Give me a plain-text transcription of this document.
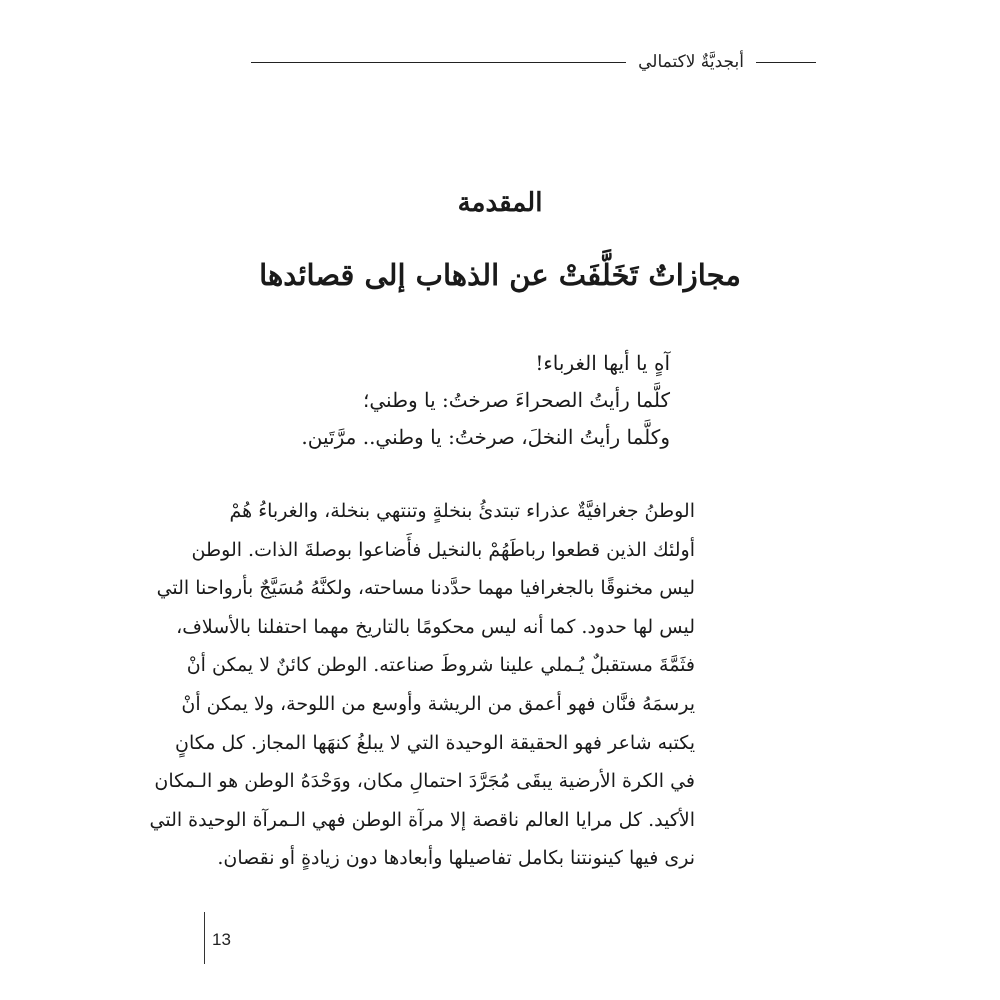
أبجديَّةٌ لاكتمالي
المقدمة
مجازاتٌ تَخَلَّفَتْ عن الذهاب إلى قصائدها
آهٍ يا أيها الغرباء!
كلَّما رأيتُ الصحراءَ صرختُ: يا وطني؛
وكلَّما رأيتُ النخلَ، صرختُ: يا وطني.. مرَّتَين.
الوطنُ جغرافيَّةٌ عذراء تبتدئُ بنخلةٍ وتنتهي بنخلة، والغرباءُ هُمْ
أولئك الذين قطعوا رباطَهُمْ بالنخيل فأَضاعوا بوصلةَ الذات. الوطن
ليس مخنوقًا بالجغرافيا مهما حدَّدنا مساحته، ولكنَّهُ مُسَيَّجٌ بأرواحنا التي
ليس لها حدود. كما أنه ليس محكومًا بالتاريخ مهما احتفلنا بالأسلاف،
فثَمَّةَ مستقبلٌ يُـملي علينا شروطَ صناعته. الوطن كائنٌ لا يمكن أنْ
يرسمَهُ فنَّان فهو أعمق من الريشة وأوسع من اللوحة، ولا يمكن أنْ
يكتبه شاعر فهو الحقيقة الوحيدة التي لا يبلغُ كنهَها المجاز. كل مكانٍ
في الكرة الأرضية يبقَى مُجَرَّدَ احتمالِ مكان، ووَحْدَهُ الوطن هو الـمكان
الأكيد. كل مرايا العالم ناقصة إلا مرآة الوطن فهي الـمرآة الوحيدة التي
نرى فيها كينونتنا بكامل تفاصيلها وأبعادها دون زيادةٍ أو نقصان.
13
